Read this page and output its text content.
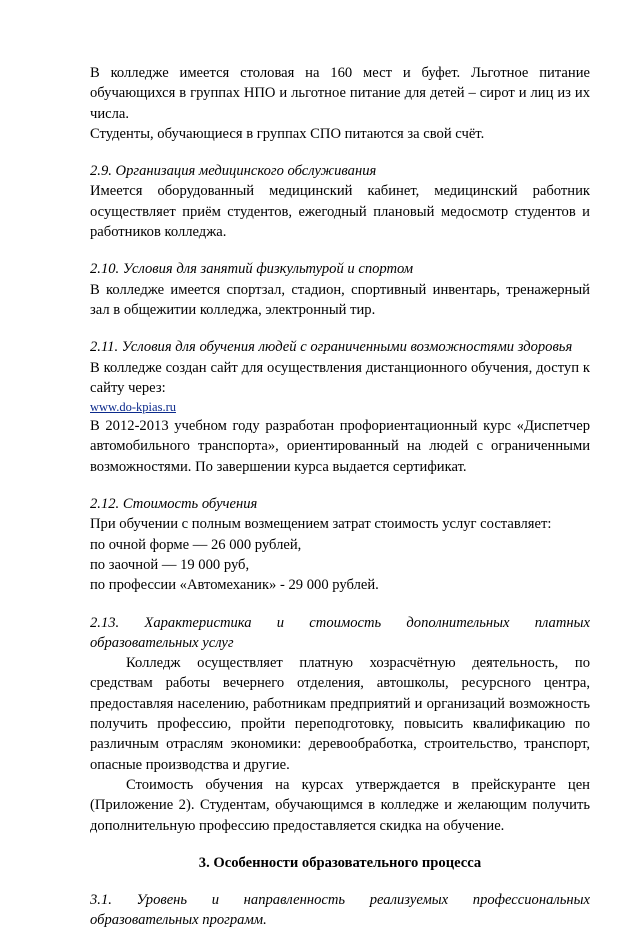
В колледже имеется столовая на 160 мест и буфет. Льготное питание обучающихся в группах НПО и льготное питание для детей – сирот и лиц из их числа.

Студенты, обучающиеся в группах СПО питаются за свой счёт.

2.9. Организация медицинского обслуживания

Имеется оборудованный медицинский кабинет, медицинский работник осуществляет приём студентов, ежегодный плановый медосмотр студентов и работников колледжа.

2.10. Условия для занятий физкультурой и спортом

В колледже имеется спортзал, стадион, спортивный инвентарь, тренажерный зал в общежитии колледжа, электронный тир.

2.11. Условия для обучения людей с ограниченными возможностями здоровья

В колледже создан сайт для осуществления дистанционного обучения, доступ к сайту через:

www.do-kpias.ru

В 2012-2013 учебном году разработан профориентационный курс «Диспетчер автомобильного транспорта», ориентированный на людей с ограниченными возможностями. По завершении курса выдается сертификат.

2.12. Стоимость обучения

При обучении с полным возмещением затрат стоимость услуг составляет:

по очной форме — 26 000 рублей,

по заочной — 19 000 руб,

по профессии «Автомеханик» - 29 000 рублей.

2.13. Характеристика и стоимость дополнительных платных образовательных услуг

Колледж осуществляет платную хозрасчётную деятельность, по средствам работы вечернего отделения, автошколы, ресурсного центра, предоставляя населению, работникам предприятий и организаций возможность получить профессию, пройти переподготовку, повысить квалификацию по различным отраслям экономики: деревообработка, строительство, транспорт, опасные производства и другие.

Стоимость обучения на курсах утверждается в прейскуранте цен (Приложение 2). Студентам, обучающимся в колледже и желающим получить дополнительную профессию предоставляется скидка на обучение.

3. Особенности образовательного процесса

3.1. Уровень и направленность реализуемых профессиональных образовательных программ.
